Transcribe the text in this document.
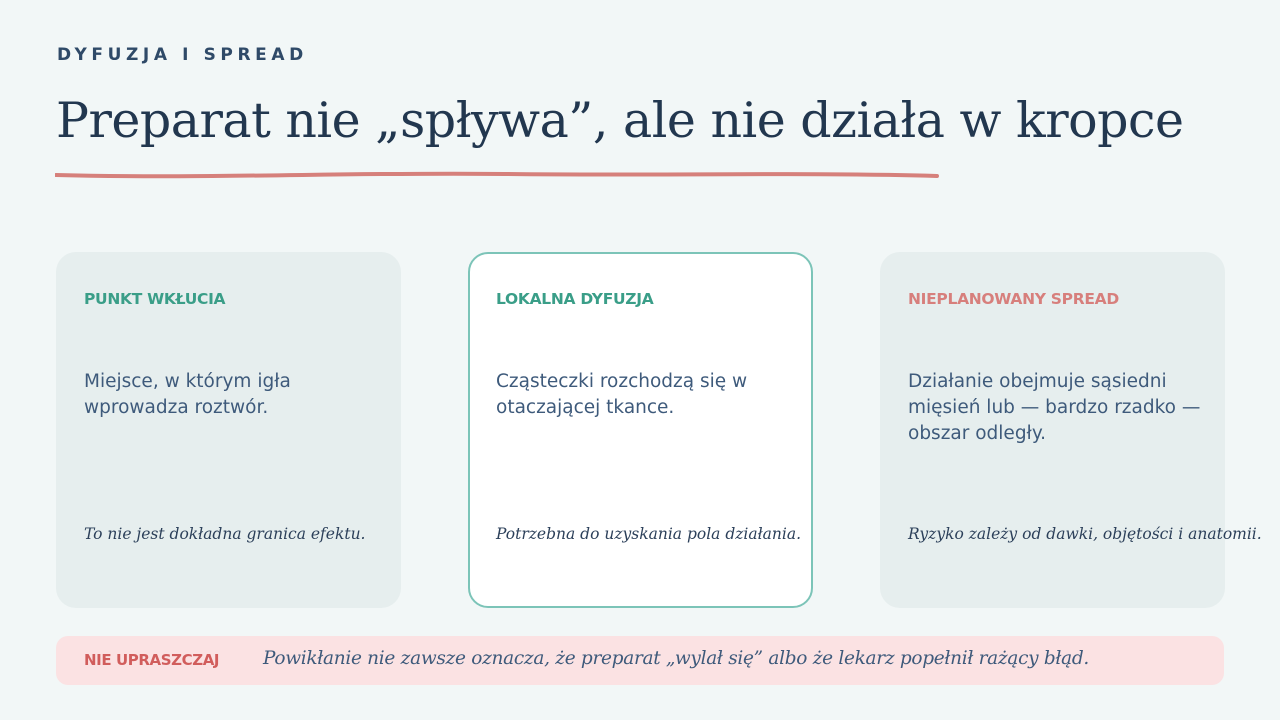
DYFUZJA I SPREAD
Preparat nie „spływa”, ale nie działa w kropce
PUNKT WKŁUCIA
Miejsce, w którym igła wprowadza roztwór.
To nie jest dokładna granica efektu.
LOKALNA DYFUZJA
Cząsteczki rozchodzą się w otaczającej tkance.
Potrzebna do uzyskania pola działania.
NIEPLANOWANY SPREAD
Działanie obejmuje sąsiedni mięsień lub — bardzo rzadko — obszar odległy.
Ryzyko zależy od dawki, objętości i anatomii.
NIE UPRASZCZAJ Powikłanie nie zawsze oznacza, że preparat „wylał się” albo że lekarz popełnił rażący błąd.
